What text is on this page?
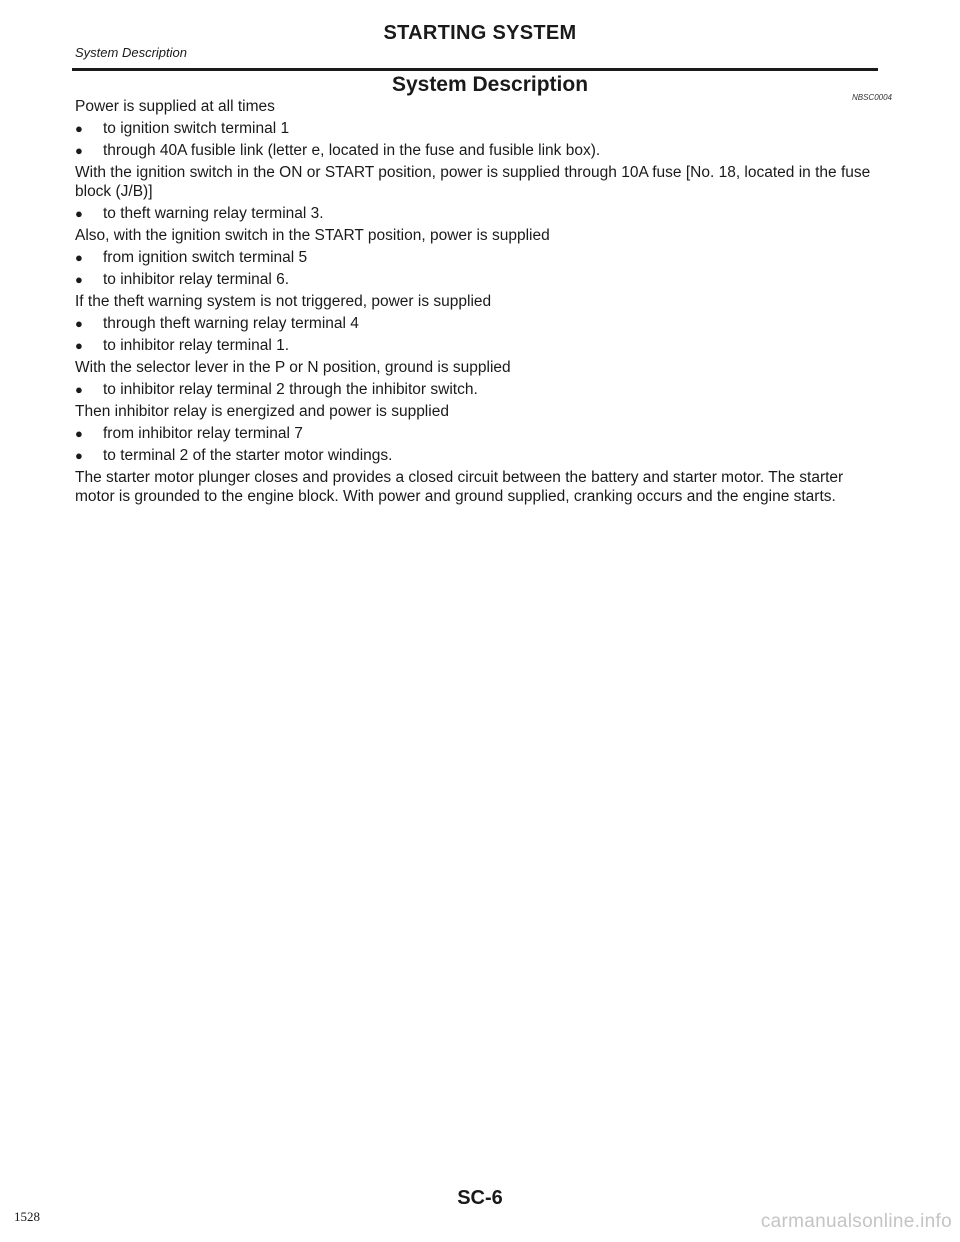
STARTING SYSTEM
System Description
System Description
NBSC0004

Power is supplied at all times

●	to ignition switch terminal 1
●	through 40A fusible link (letter e, located in the fuse and fusible link box).

With the ignition switch in the ON or START position, power is supplied through 10A fuse [No. 18, located in the fuse block (J/B)]

●	to theft warning relay terminal 3.

Also, with the ignition switch in the START position, power is supplied

●	from ignition switch terminal 5
●	to inhibitor relay terminal 6.

If the theft warning system is not triggered, power is supplied

●	through theft warning relay terminal 4
●	to inhibitor relay terminal 1.

With the selector lever in the P or N position, ground is supplied

●	to inhibitor relay terminal 2 through the inhibitor switch.

Then inhibitor relay is energized and power is supplied

●	from inhibitor relay terminal 7
●	to terminal 2 of the starter motor windings.

The starter motor plunger closes and provides a closed circuit between the battery and starter motor. The starter motor is grounded to the engine block. With power and ground supplied, cranking occurs and the engine starts.

SC-6
1528	carmanualsonline.info
